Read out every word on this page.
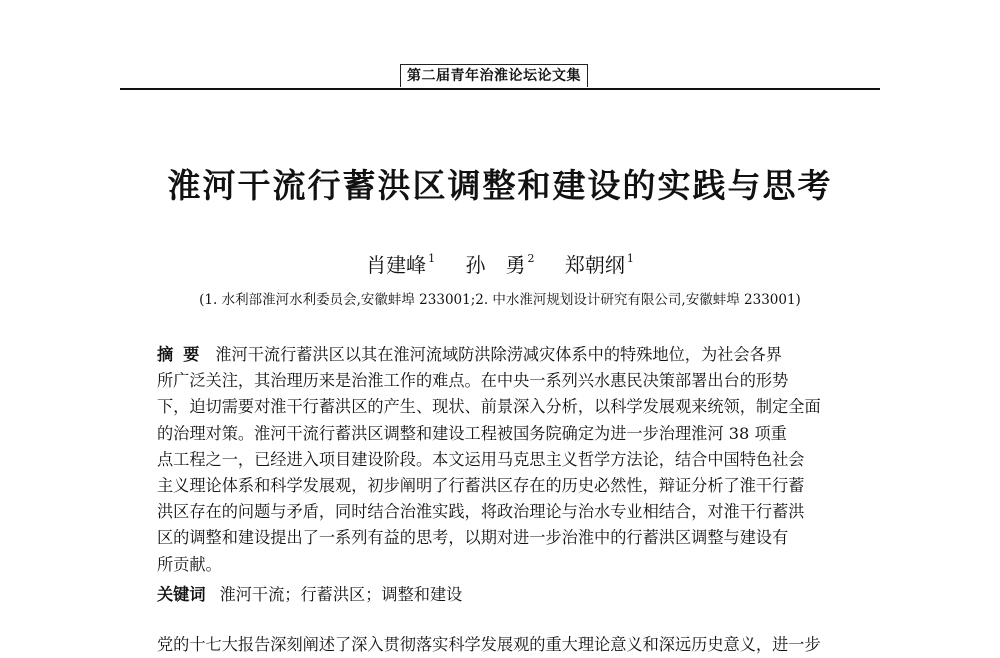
第二届青年治淮论坛论文集
淮河干流行蓄洪区调整和建设的实践与思考
肖建峰 $^1$ 孙　勇 $^2$ 郑朝纲 $^1$
(1. 水利部淮河水利委员会,安徽蚌埠 233001;2. 中水淮河规划设计研究有限公司,安徽蚌埠 233001)
摘要 淮河干流行蓄洪区以其在淮河流域防洪除涝减灾体系中的特殊地位，为社会各界
所广泛关注，其治理历来是治淮工作的难点。在中央一系列兴水惠民决策部署出台的形势
下，迫切需要对淮干行蓄洪区的产生、现状、前景深入分析，以科学发展观来统领，制定全面
的治理对策。淮河干流行蓄洪区调整和建设工程被国务院确定为进一步治理淮河 38 项重
点工程之一，已经进入项目建设阶段。本文运用马克思主义哲学方法论，结合中国特色社会
主义理论体系和科学发展观，初步阐明了行蓄洪区存在的历史必然性，辩证分析了淮干行蓄
洪区存在的问题与矛盾，同时结合治淮实践，将政治理论与治水专业相结合，对淮干行蓄洪
区的调整和建设提出了一系列有益的思考，以期对进一步治淮中的行蓄洪区调整与建设有
所贡献。
关键词 淮河干流；行蓄洪区；调整和建设
党的十七大报告深刻阐述了深入贯彻落实科学发展观的重大理论意义和深远历史意义，进一步
